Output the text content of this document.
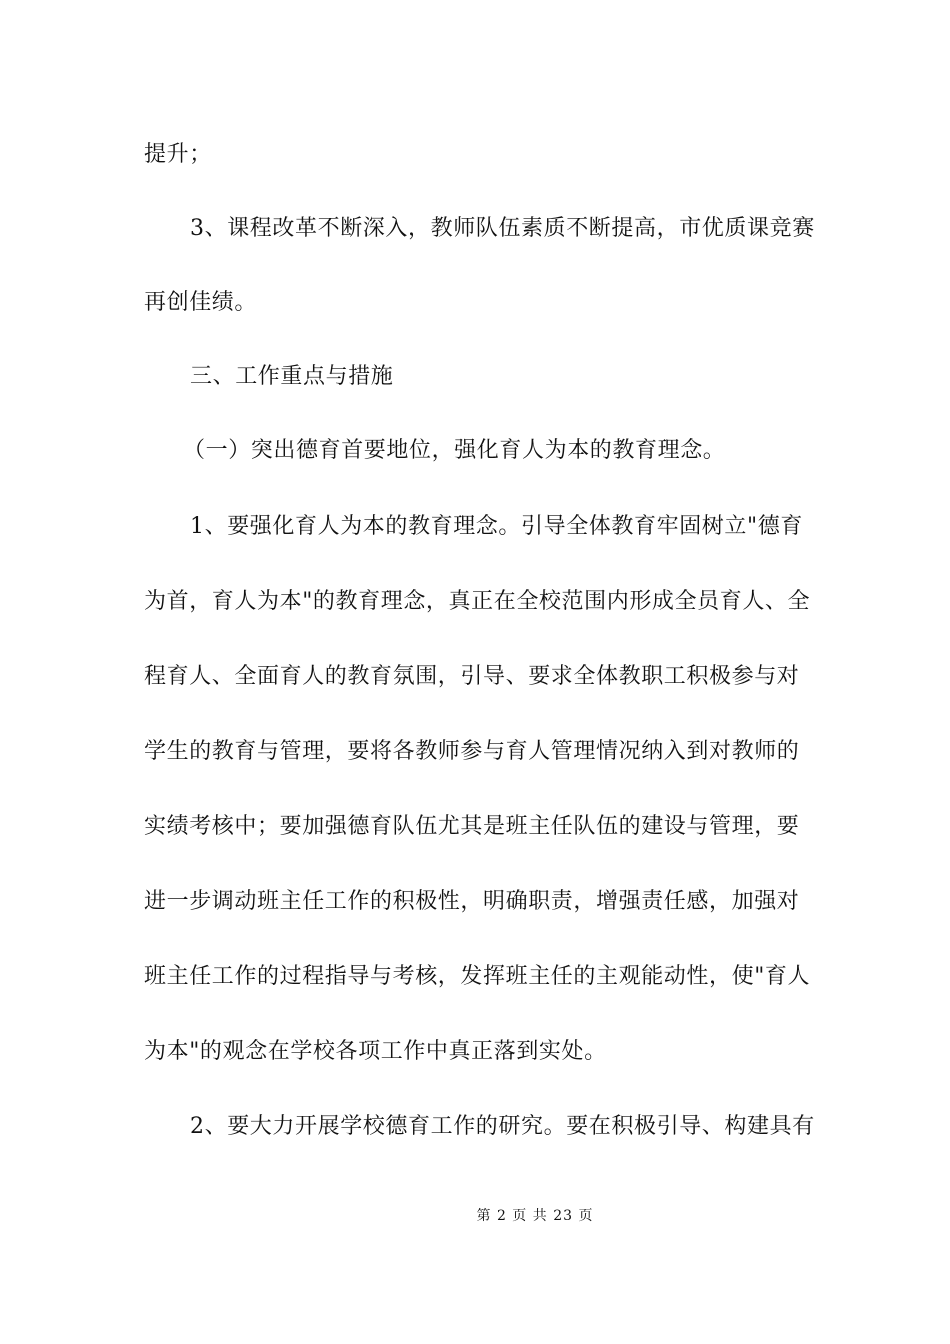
提升；
3、课程改革不断深入，教师队伍素质不断提高，市优质课竞赛
再创佳绩。
三、工作重点与措施
（一）突出德育首要地位，强化育人为本的教育理念。
1、要强化育人为本的教育理念。引导全体教育牢固树立"德育
为首，育人为本"的教育理念，真正在全校范围内形成全员育人、全
程育人、全面育人的教育氛围，引导、要求全体教职工积极参与对
学生的教育与管理，要将各教师参与育人管理情况纳入到对教师的
实绩考核中；要加强德育队伍尤其是班主任队伍的建设与管理，要
进一步调动班主任工作的积极性，明确职责，增强责任感，加强对
班主任工作的过程指导与考核，发挥班主任的主观能动性，使"育人
为本"的观念在学校各项工作中真正落到实处。
2、要大力开展学校德育工作的研究。要在积极引导、构建具有
第 2 页 共 23 页
